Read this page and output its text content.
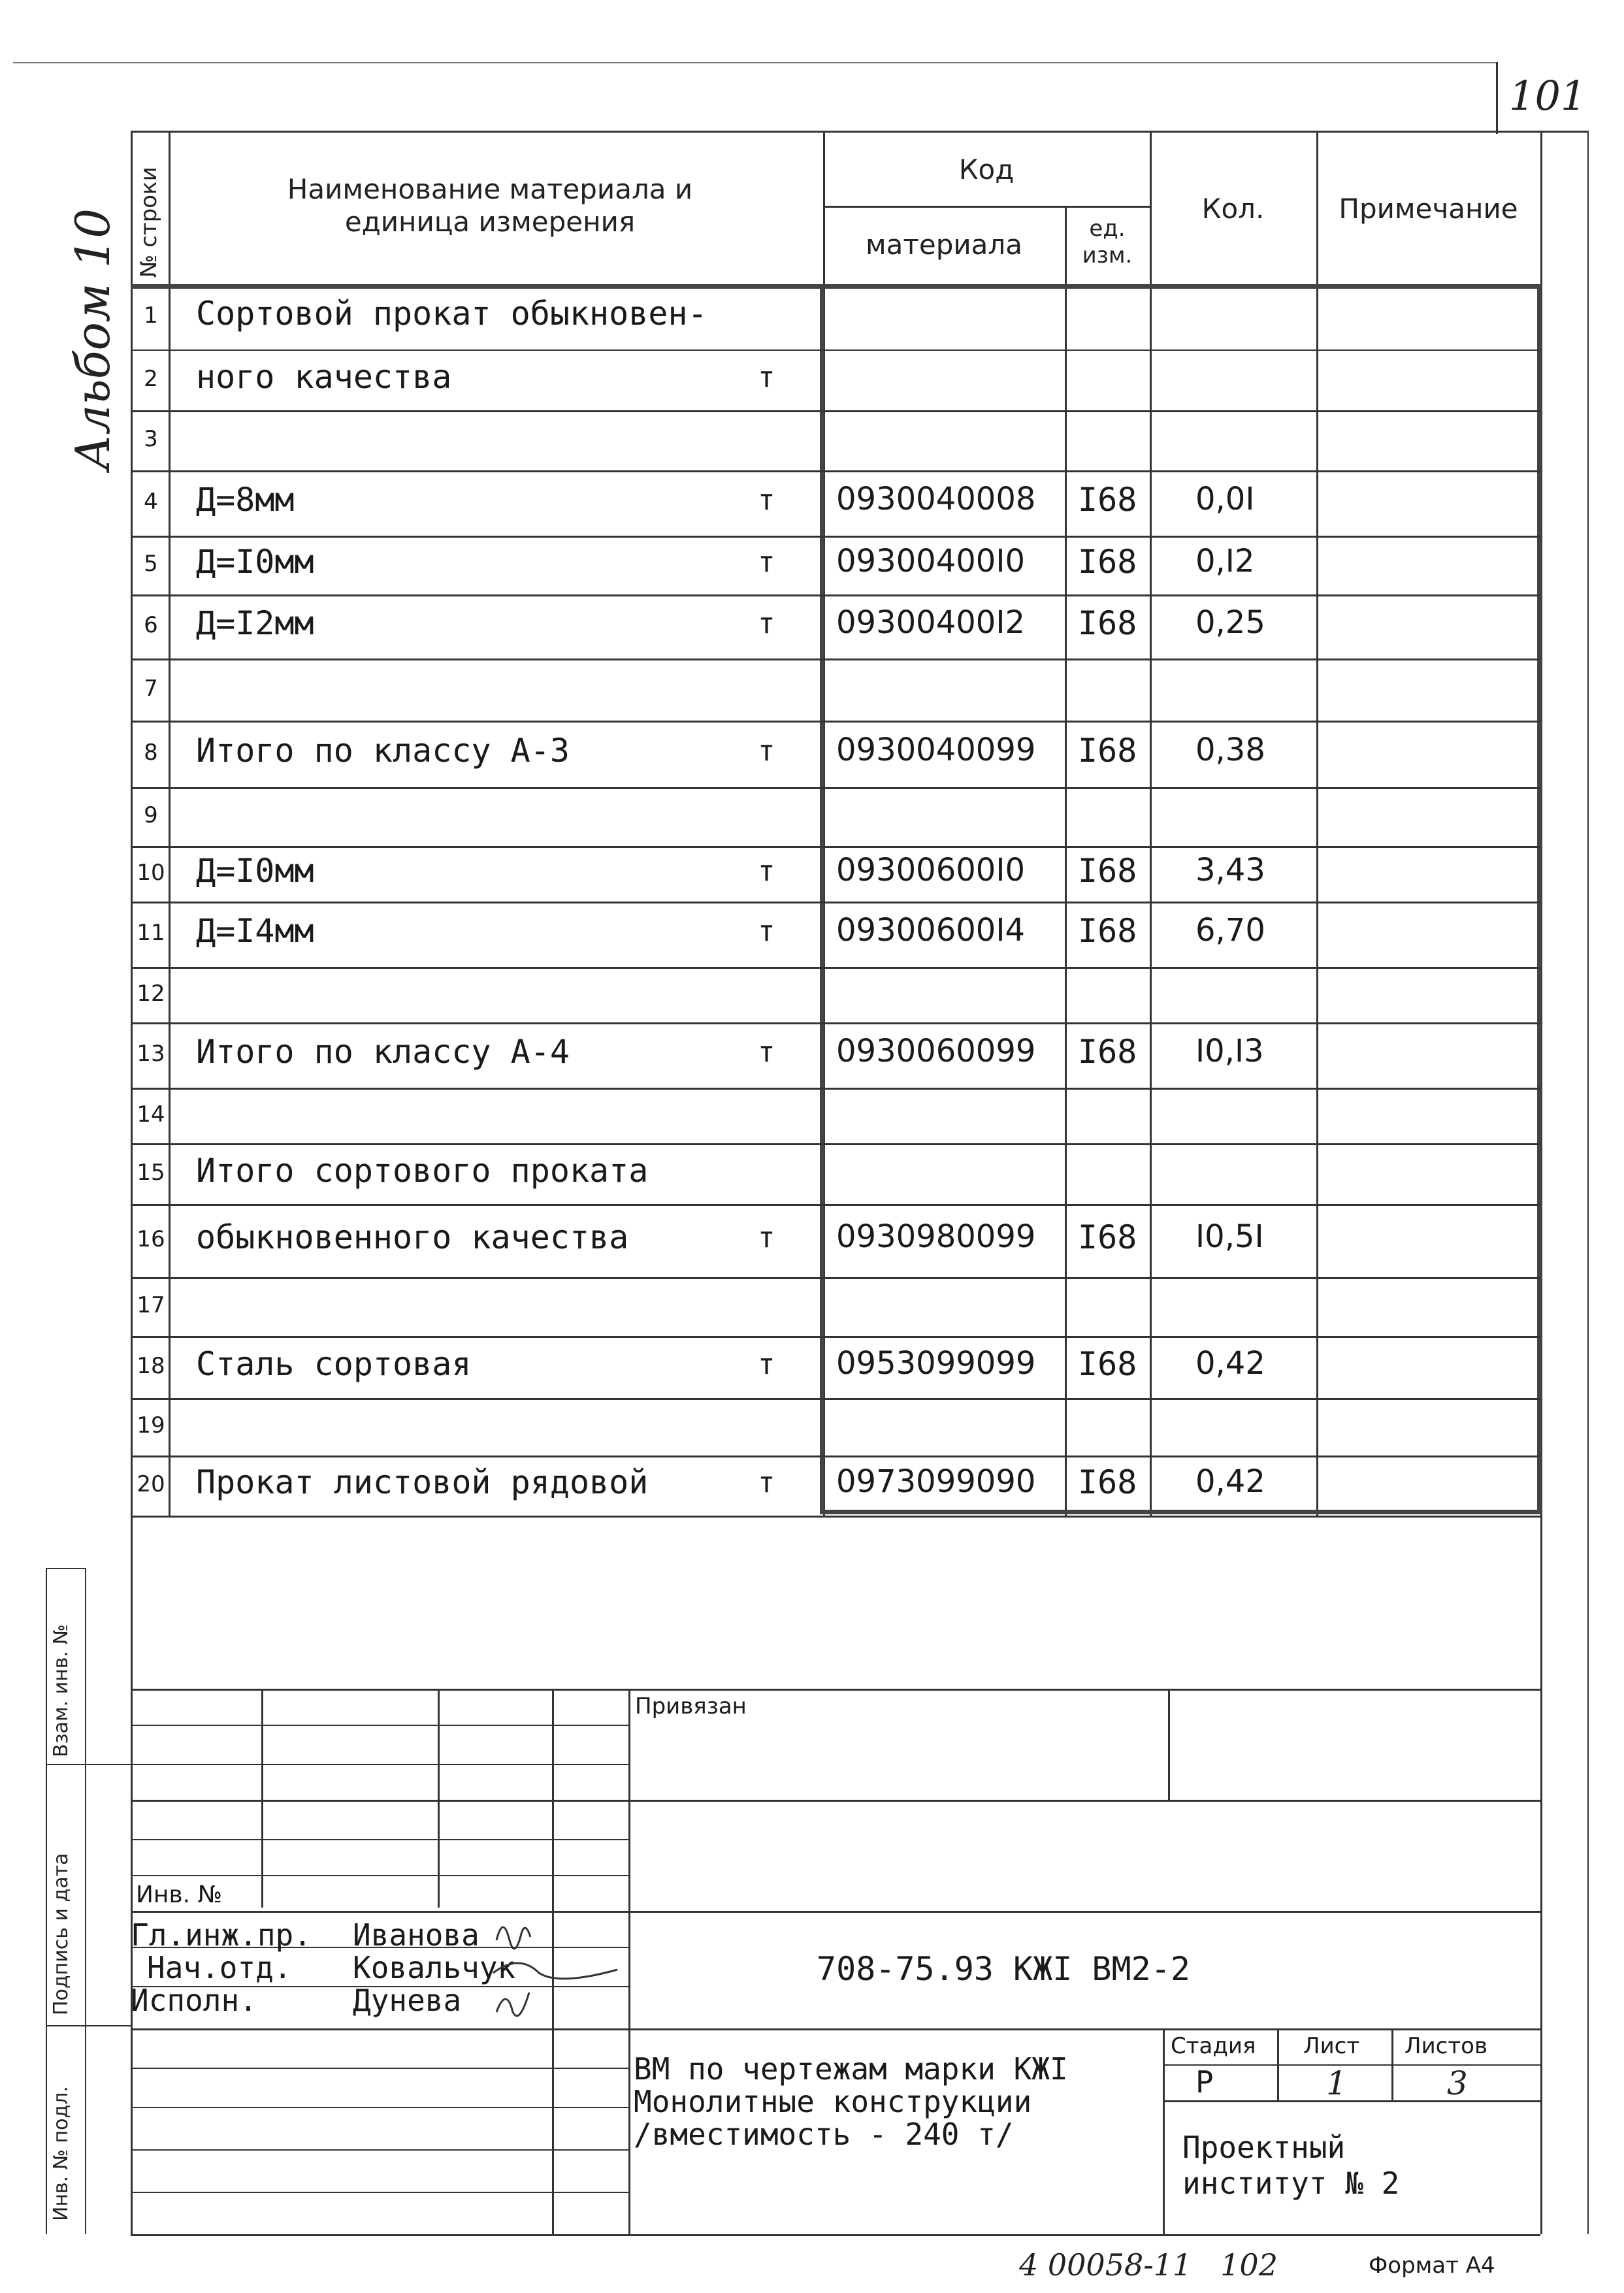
101
Альбом 10 № строки	Наименование материала и единица измерения
Код
материала	ед. изм.
Кол.	Примечание
1	Сортовой прокат обыкновен-
2	ного качества	т
3
4	Д=8мм	т 0930040008 I68 0,0I
5	Д=I0мм	т 09300400I0 I68 0,I2
6	Д=I2мм	т 09300400I2 I68 0,25
7
8	Итого по классу А-3	т 0930040099 I68 0,38
9
10 Д=I0мм	т 09300600I0 I68 3,43
11 Д=I4мм	т 09300600I4 I68 6,70
12
13 Итого по классу А-4	т 0930060099 I68 I0,I3
14
15 Итого сортового проката
16 обыкновенного качества	т 0930980099 I68 I0,5I
17
18 Сталь сортовая	т 0953099099 I68 0,42
19
20 Прокат листовой рядовой	т 0973099090 I68 0,42
Взам. инв. №
Подпись и дата
Инв. № подл.
Привязан
Инв. №
Гл.инж.пр. Иванова
Нач.отд. Ковальчук
Исполн.	Дунева
708-75.93 КЖI ВМ2-2
ВМ по чертежам марки КЖI
Монолитные конструкции
/вместимость - 240 т/
Стадия Лист Листов
Р	1	3
Проектный
институт № 2
4 00058-11   102	Формат А4
